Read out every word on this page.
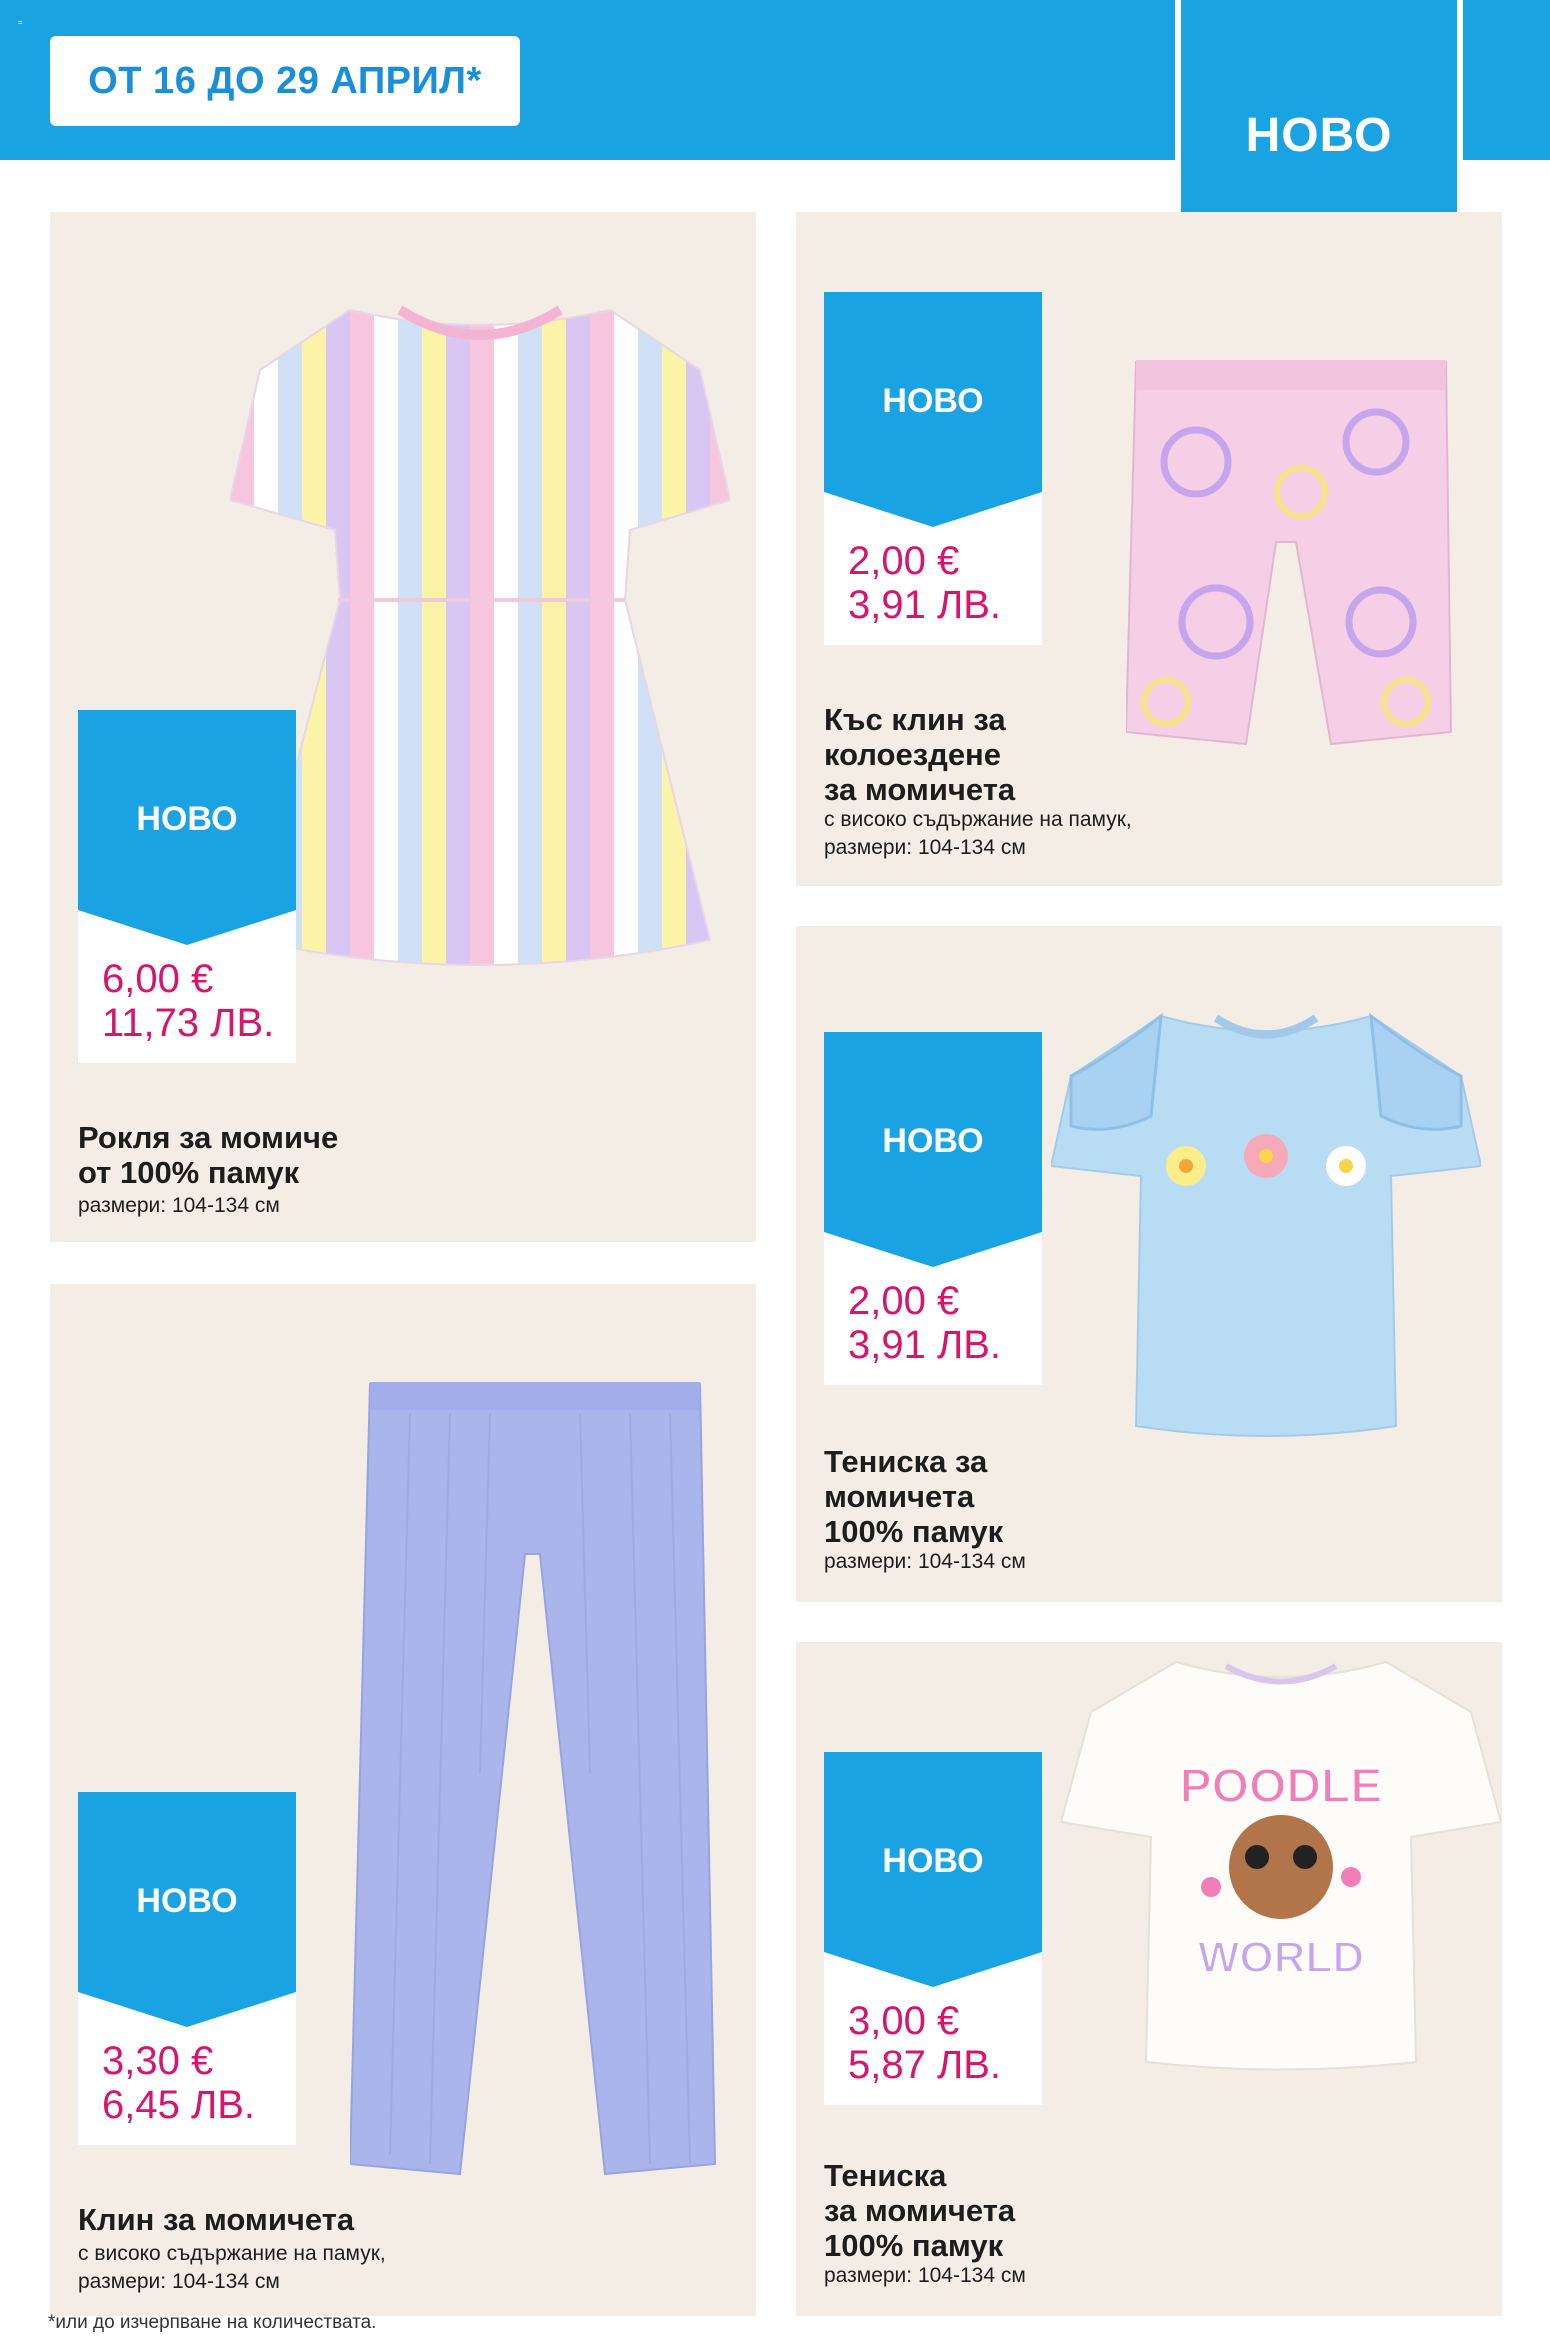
=
ОТ 16 ДО 29 АПРИЛ*
НОВО
НОВО
6,00 €
11,73 ЛВ.
Рокля за момиче
от 100% памук
размери: 104-134 см
НОВО
2,00 €
3,91 ЛВ.
Къс клин за
колоездене
за момичета
с високо съдържание на памук,
размери: 104-134 см
НОВО
2,00 €
3,91 ЛВ.
Тениска за
момичета
100% памук
размери: 104-134 см
НОВО
3,30 €
6,45 ЛВ.
Клин за момичета
с високо съдържание на памук,
размери: 104-134 см
POODLE
WORLD
НОВО
3,00 €
5,87 ЛВ.
Тениска
за момичета
100% памук
размери: 104-134 см
*или до изчерпване на количествата.
